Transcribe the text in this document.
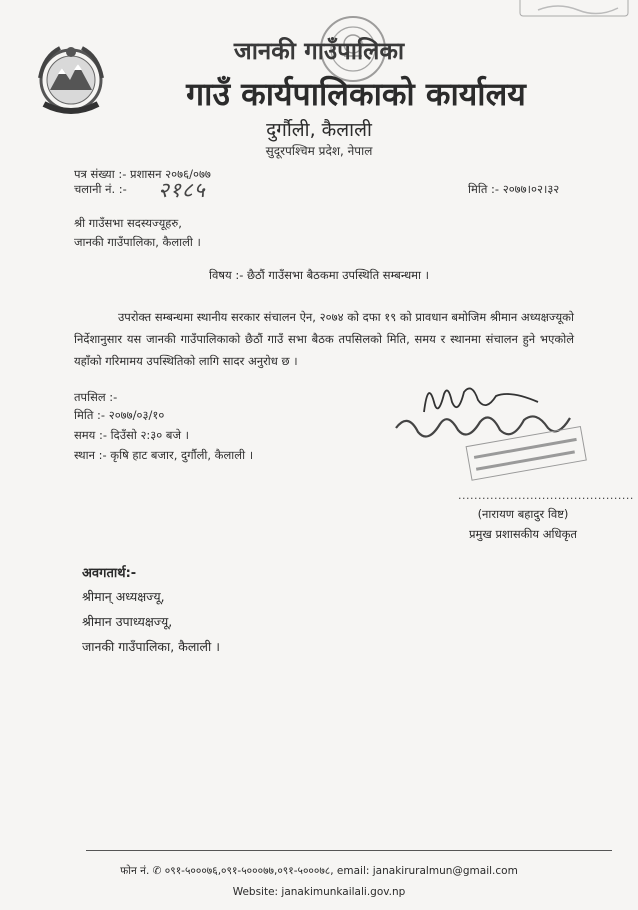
जानकी गाउँपालिका
गाउँ कार्यपालिकाको कार्यालय
दुर्गौली, कैलाली
सुदूरपश्चिम प्रदेश, नेपाल
पत्र संख्या :- प्रशासन २०७६/०७७
चलानी नं. :- २१८५	मिति :- २०७७।०२।३२
श्री गाउँसभा सदस्यज्यूहरु,
जानकी गाउँपालिका, कैलाली ।
विषय :- छैठौं गाउँसभा बैठकमा उपस्थिति सम्बन्धमा ।
उपरोक्त सम्बन्धमा स्थानीय सरकार संचालन ऐन, २०७४ को दफा १९ को प्रावधान बमोजिम श्रीमान अध्यक्षज्यूको निर्देशानुसार यस जानकी गाउँपालिकाको छैठौं गाउँ सभा बैठक तपसिलको मिति, समय र स्थानमा संचालन हुने भएकोले यहाँको गरिमामय उपस्थितिको लागि सादर अनुरोध छ ।
तपसिल :-
मिति :- २०७७/०३/१०
समय :- दिउँसो २:३० बजे ।
स्थान :- कृषि हाट बजार, दुर्गौली, कैलाली ।
............................................
(नारायण बहादुर विष्ट)
प्रमुख प्रशासकीय अधिकृत
अवगतार्थ:-
श्रीमान् अध्यक्षज्यू,
श्रीमान उपाध्यक्षज्यू,
जानकी गाउँपालिका, कैलाली ।
फोन नं. ✆ ०९१-५०००७६,०९१-५०००७७,०९१-५०००७८, email: janakiruralmun@gmail.com
Website: janakimunkailali.gov.np
